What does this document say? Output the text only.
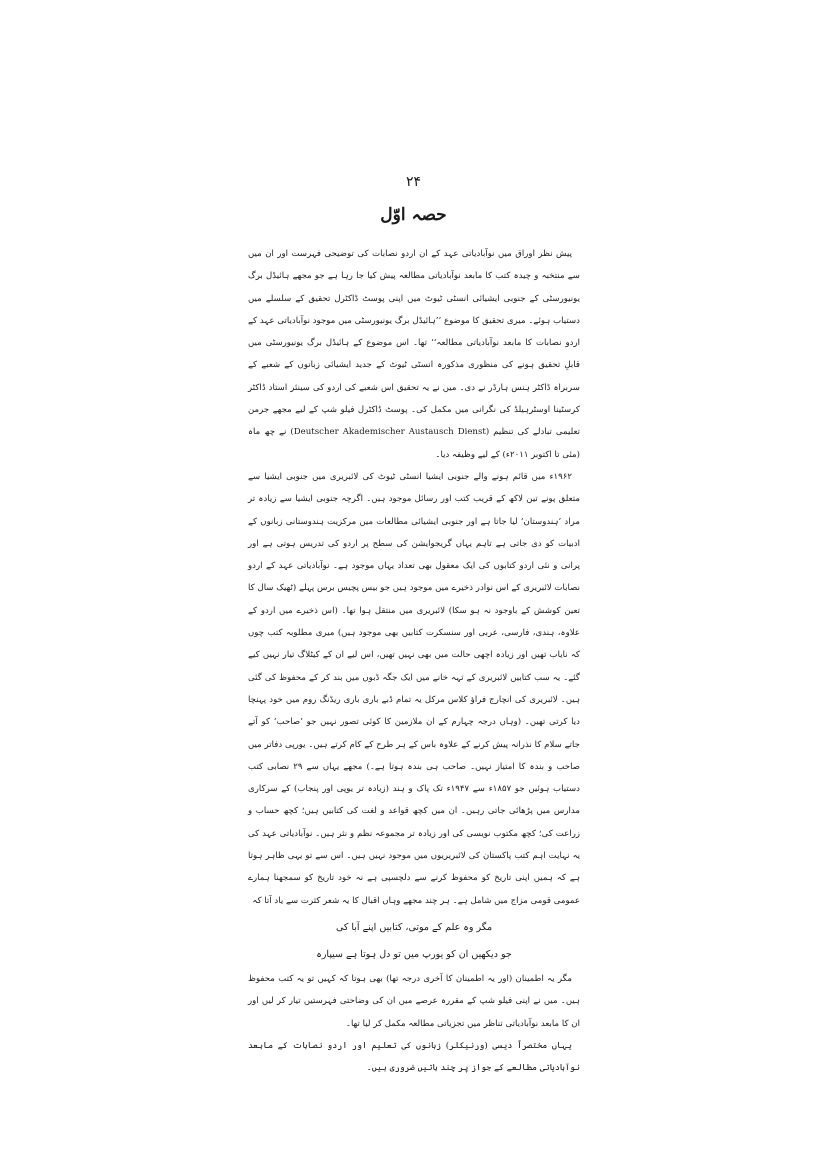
۲۴
حصہ اوّل

پیش نظر اوراق میں نوآبادیاتی عہد کے ان اردو نصابات کی توضیحی فہرست اور ان میں سے منتخبہ و چیدہ کتب کا مابعد نوآبادیاتی مطالعہ پیش کیا جا رہا ہے جو مجھے ہائیڈل برگ یونیورسٹی کے جنوبی ایشیائی انسٹی ٹیوٹ میں اپنی پوسٹ ڈاکٹرل تحقیق کے سلسلے میں دستیاب ہوئے۔ میری تحقیق کا موضوع ’’ہائیڈل برگ یونیورسٹی میں موجود نوآبادیاتی عہد کے اردو نصابات کا مابعد نوآبادیاتی مطالعہ‘‘ تھا۔ اس موضوع کے ہائیڈل برگ یونیورسٹی میں قابلِ تحقیق ہونے کی منظوری مذکورہ انسٹی ٹیوٹ کے جدید ایشیائی زبانوں کے شعبے کے سربراہ ڈاکٹر ہنس ہارڈر نے دی۔ میں نے یہ تحقیق اس شعبے کی اردو کی سینئر استاد ڈاکٹر کرسٹینا اوسٹرہیلڈ کی نگرانی میں مکمل کی۔ پوسٹ ڈاکٹرل فیلو شپ کے لیے مجھے جرمن تعلیمی تبادلے کی تنظیم (Deutscher Akademischer Austausch Dienst) نے چھ ماہ (مئی تا اکتوبر ۲۰۱۱ء) کے لیے وظیفہ دیا۔

۱۹۶۲ء میں قائم ہونے والے جنوبی ایشیا انسٹی ٹیوٹ کی لائبریری میں جنوبی ایشیا سے متعلق پونے تین لاکھ کے قریب کتب اور رسائل موجود ہیں۔ اگرچہ جنوبی ایشیا سے زیادہ تر مراد ’ہندوستان‘ لیا جاتا ہے اور جنوبی ایشیائی مطالعات میں مرکزیت ہندوستانی زبانوں کے ادبیات کو دی جاتی ہے تاہم یہاں گریجوایشن کی سطح پر اردو کی تدریس ہوتی ہے اور پرانی و نئی اردو کتابوں کی ایک معقول بھی تعداد یہاں موجود ہے۔ نوآبادیاتی عہد کے اردو نصابات لائبریری کے اس نوادر ذخیرے میں موجود ہیں جو بیس پچیس برس پہلے (ٹھیک سال کا تعین کوشش کے باوجود نہ ہو سکا) لائبریری میں منتقل ہوا تھا۔ (اس ذخیرے میں اردو کے علاوہ، ہندی، فارسی، عربی اور سنسکرت کتابیں بھی موجود ہیں) میری مطلوبہ کتب چوں کہ نایاب تھیں اور زیادہ اچھی حالت میں بھی نہیں تھیں، اس لیے ان کے کیٹلاگ تیار نہیں کیے گئے۔ یہ سب کتابیں لائبریری کے تہہ خانے میں ایک جگہ ڈبوں میں بند کر کے محفوظ کی گئی ہیں۔ لائبریری کی انچارج فراؤ کلاس مرکل یہ تمام ڈبے باری باری ریڈنگ روم میں خود پہنچا دیا کرتی تھیں۔ (وہاں درجہ چہارم کے ان ملازمین کا کوئی تصور نہیں جو ’صاحب‘ کو آتے جاتے سلام کا نذرانہ پیش کرنے کے علاوہ باس کے ہر طرح کے کام کرتے ہیں۔ یورپی دفاتر میں صاحب و بندہ کا امتیاز نہیں۔ صاحب ہی بندہ ہوتا ہے۔) مجھے یہاں سے ۲۹ نصابی کتب دستیاب ہوئیں جو ۱۸۵۷ء سے ۱۹۴۷ء تک پاک و ہند (زیادہ تر یوپی اور پنجاب) کے سرکاری مدارس میں پڑھائی جاتی رہیں۔ ان میں کچھ قواعد و لغت کی کتابیں ہیں؛ کچھ حساب و زراعت کی؛ کچھ مکتوب نویسی کی اور زیادہ تر مجموعہ نظم و نثر ہیں۔ نوآبادیاتی عہد کی یہ نہایت اہم کتب پاکستان کی لائبریریوں میں موجود نہیں ہیں۔ اس سے تو یہی ظاہر ہوتا ہے کہ ہمیں اپنی تاریخ کو محفوظ کرنے سے دلچسپی ہے نہ خود تاریخ کو سمجھنا ہمارے عمومی قومی مزاج میں شامل ہے۔ ہر چند مجھے وہاں اقبال کا یہ شعر کثرت سے یاد آتا کہ

مگر وہ علم کے موتی، کتابیں اپنے آبا کی

جو دیکھیں ان کو یورپ میں تو دل ہوتا ہے سیپارہ

مگر یہ اطمینان (اور یہ اطمینان کا آخری درجہ تھا) بھی ہوتا کہ کہیں تو یہ کتب محفوظ ہیں۔ میں نے اپنی فیلو شپ کے مقررہ عرصے میں ان کی وضاحتی فہرستیں تیار کر لیں اور ان کا مابعد نوآبادیاتی تناظر میں تجزیاتی مطالعہ مکمل کر لیا تھا۔

یہاں مختصراً دیسی (ورنیکلر) زبانوں کی تعلیم اور اردو نصابات کے مابعد نوآبادیاتی مطالعے کے جواز پر چند باتیں ضروری ہیں۔
